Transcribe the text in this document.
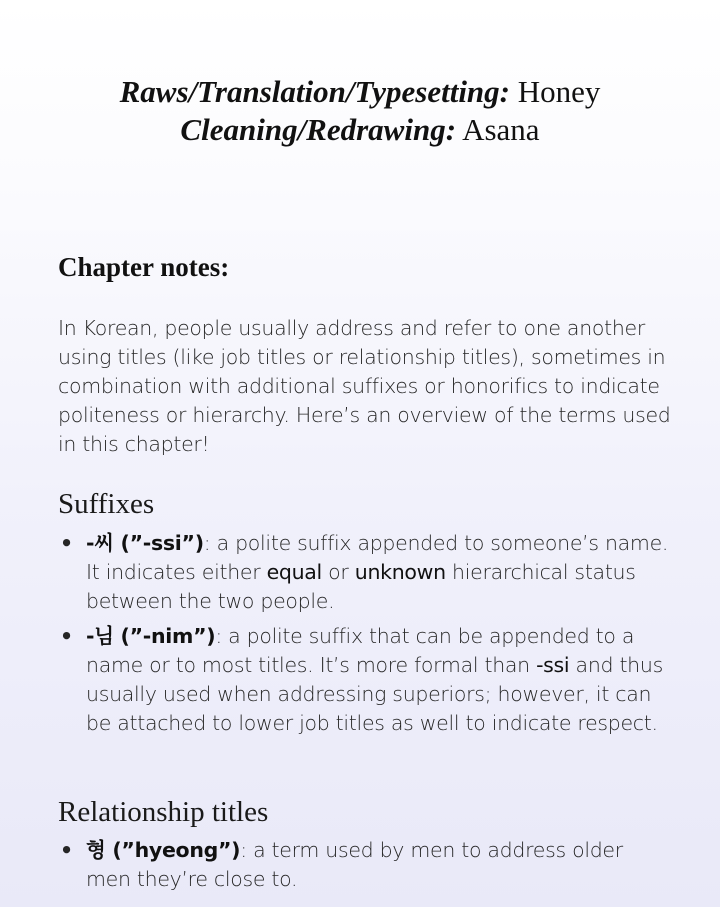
Raws/Translation/Typesetting: Honey
Cleaning/Redrawing: Asana
Chapter notes:

In Korean, people usually address and refer to one another using titles (like job titles or relationship titles), sometimes in combination with additional suffixes or honorifics to indicate politeness or hierarchy. Here’s an overview of the terms used in this chapter!

Suffixes
• -씨 (”-ssi”): a polite suffix appended to someone’s name. It indicates either equal or unknown hierarchical status between the two people.
• -님 (”-nim”): a polite suffix that can be appended to a name or to most titles. It’s more formal than -ssi and thus usually used when addressing superiors; however, it can be attached to lower job titles as well to indicate respect.
Relationship titles
• 형 (”hyeong”): a term used by men to address older men they’re close to.
